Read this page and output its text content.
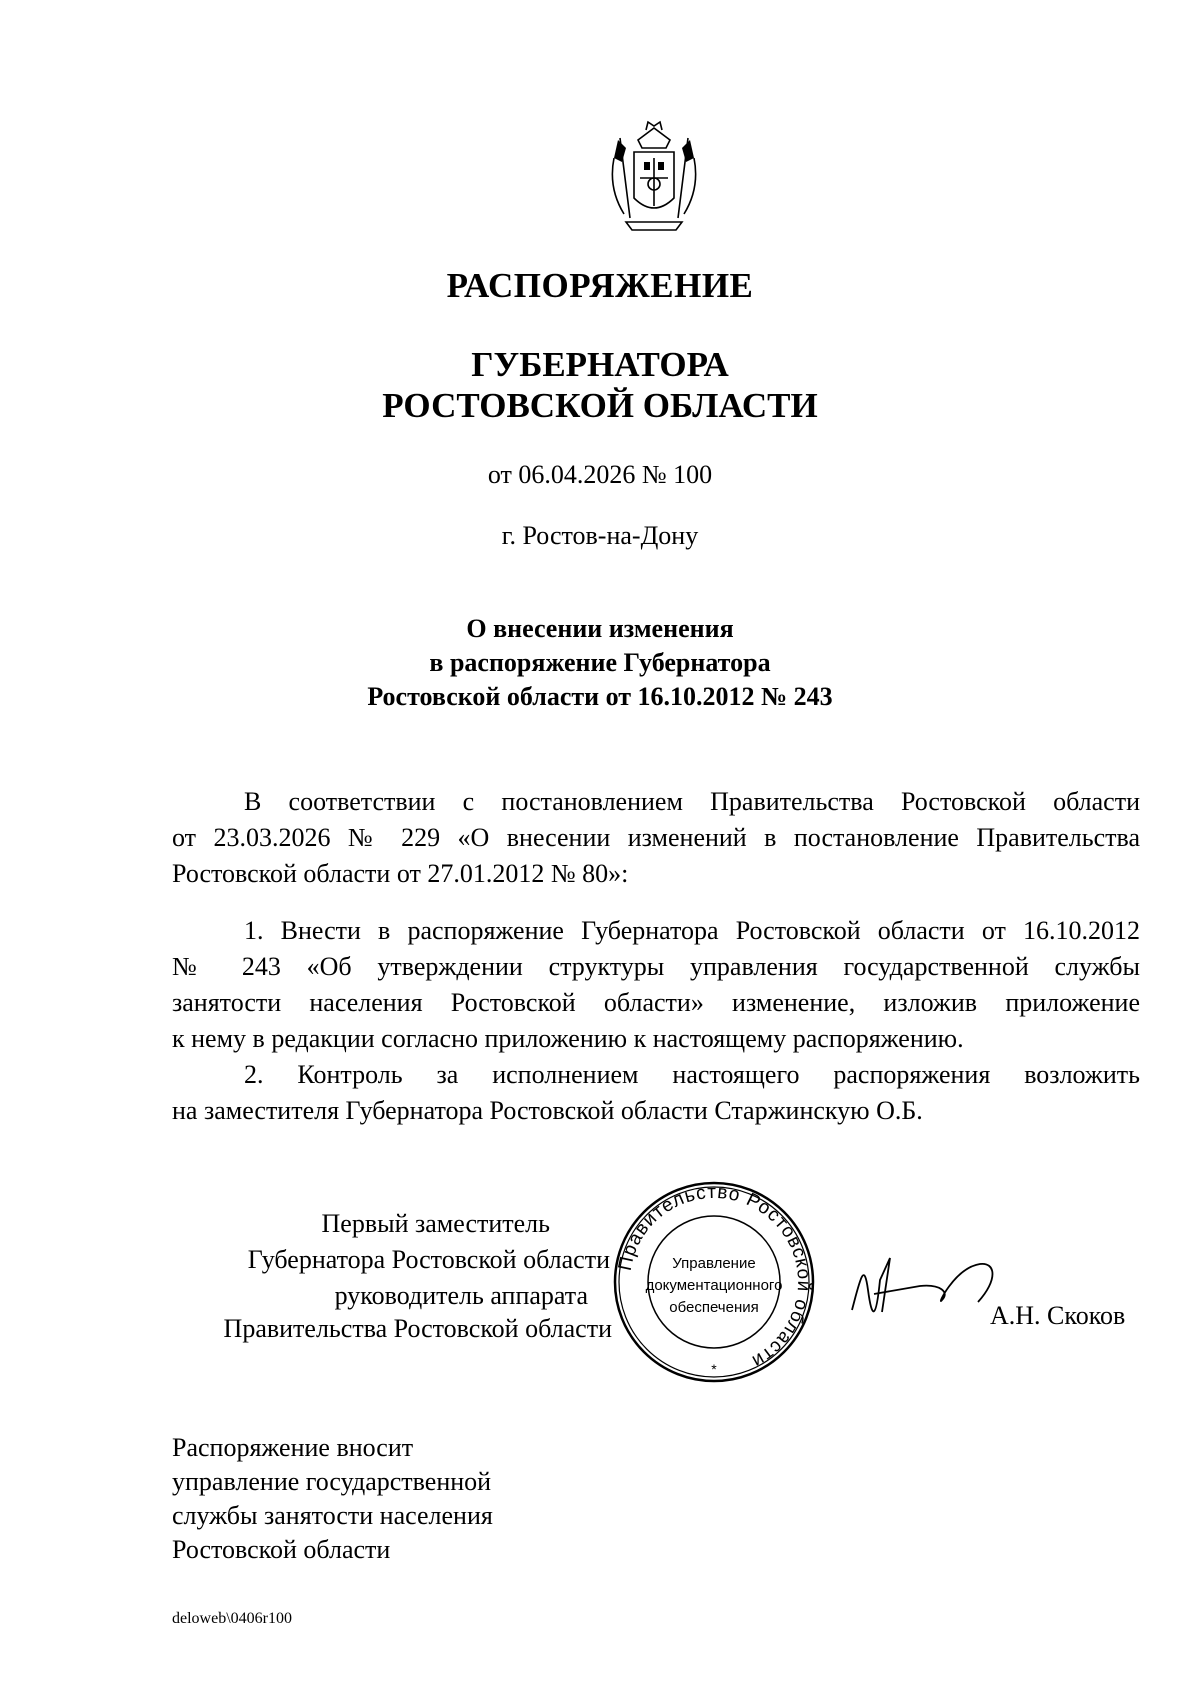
РАСПОРЯЖЕНИЕ
ГУБЕРНАТОРА
РОСТОВСКОЙ ОБЛАСТИ
от 06.04.2026 № 100
г. Ростов-на-Дону
О внесении изменения
в распоряжение Губернатора
Ростовской области от 16.10.2012 № 243
В соответствии с постановлением Правительства Ростовской области
от 23.03.2026 № 229 «О внесении изменений в постановление Правительства
Ростовской области от 27.01.2012 № 80»:
1. Внести в распоряжение Губернатора Ростовской области от 16.10.2012
№ 243 «Об утверждении структуры управления государственной службы
занятости населения Ростовской области» изменение, изложив приложение
к нему в редакции согласно приложению к настоящему распоряжению.
2. Контроль за исполнением настоящего распоряжения возложить
на заместителя Губернатора Ростовской области Старжинскую О.Б.
Первый заместитель
Губернатора Ростовской области
руководитель аппарата
Правительства Ростовской области
Правительство Ростовской области
Управление
документационного
обеспечения
*
А.Н. Скоков
Распоряжение вносит
управление государственной
службы занятости населения
Ростовской области
deloweb\0406r100
